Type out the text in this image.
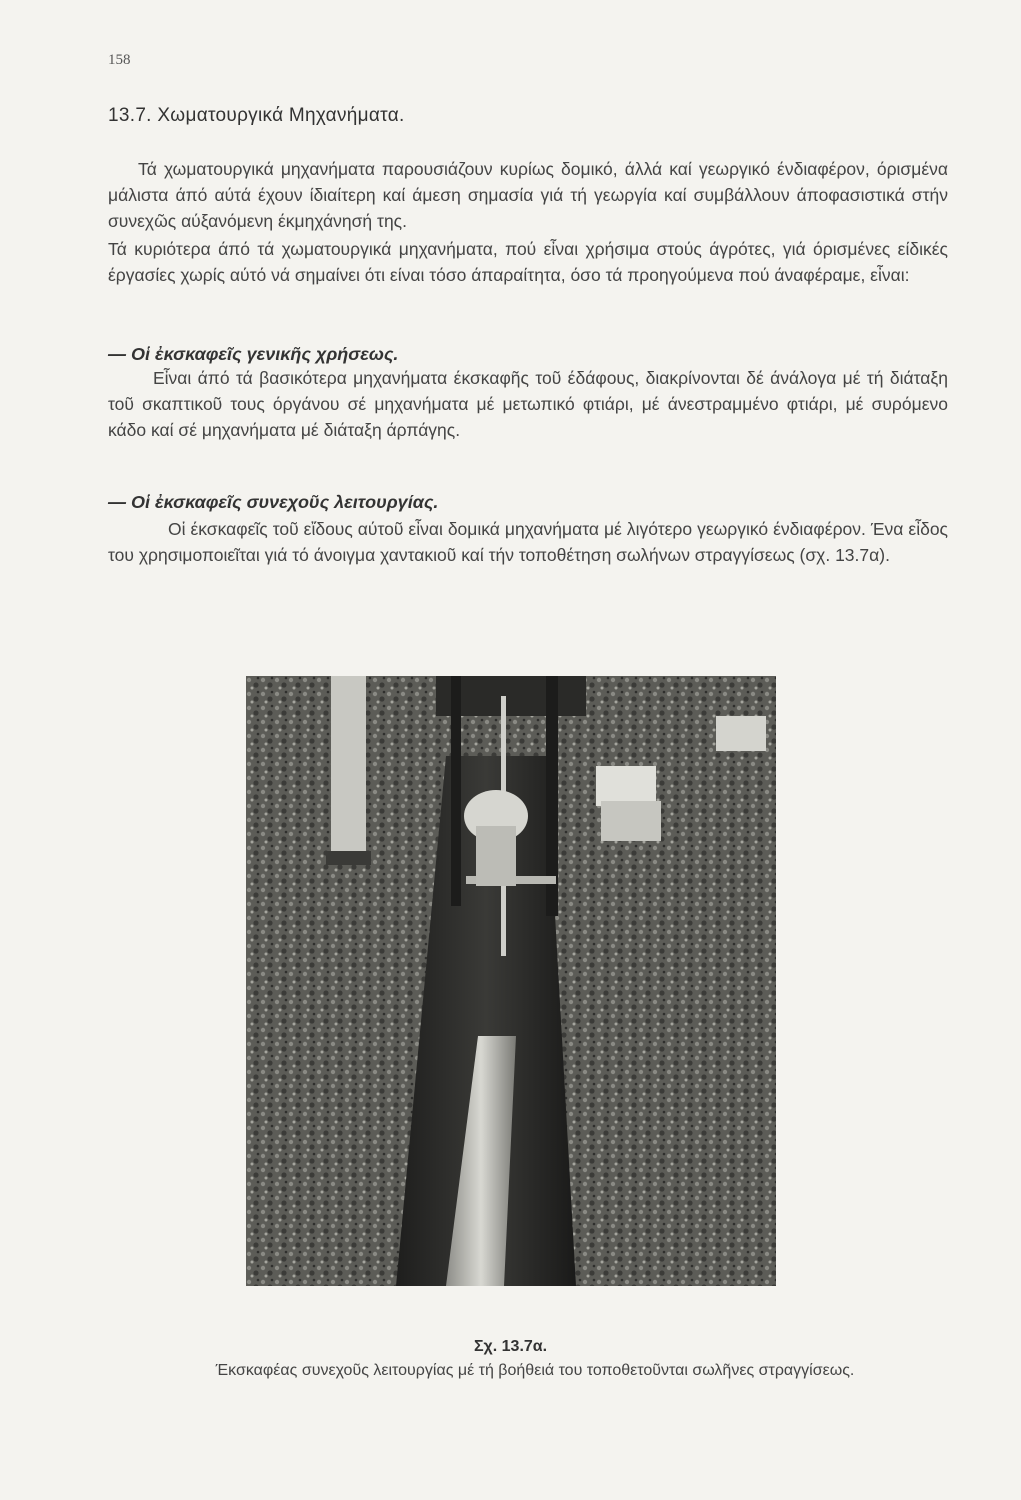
158
13.7. Χωματουργικά Μηχανήματα.

Τά χωματουργικά μηχανήματα παρουσιάζουν κυρίως δομικό, άλλά καί γεωργικό ένδιαφέρον, όρισμένα μάλιστα άπό αύτά έχουν ίδιαίτερη καί άμεση σημασία γιά τή γεωργία καί συμβάλλουν άποφασιστικά στήν συνεχῶς αύξανόμενη έκμηχάνησή της.

Τά κυριότερα άπό τά χωματουργικά μηχανήματα, πού εἶναι χρήσιμα στούς άγρότες, γιά όρισμένες είδικές έργασίες χωρίς αύτό νά σημαίνει ότι είναι τόσο άπαραίτητα, όσο τά προηγούμενα πού άναφέραμε, εἶναι:

— Οἱ ἐκσκαφεῖς γενικῆς χρήσεως.

Εἶναι άπό τά βασικότερα μηχανήματα έκσκαφῆς τοῦ έδάφους, διακρίνονται δέ άνάλογα μέ τή διάταξη τοῦ σκαπτικοῦ τους όργάνου σέ μηχανήματα μέ μετωπικό φτιάρι, μέ άνεστραμμένο φτιάρι, μέ συρόμενο κάδο καί σέ μηχανήματα μέ διάταξη άρπάγης.

— Οἱ ἐκσκαφεῖς συνεχοῦς λειτουργίας.

Οἱ έκσκαφεῖς τοῦ εἴδους αύτοῦ εἶναι δομικά μηχανήματα μέ λιγότερο γεωργικό ένδιαφέρον. Ένα εἶδος του χρησιμοποιεῖται γιά τό άνοιγμα χαντακιοῦ καί τήν τοποθέτηση σωλήνων στραγγίσεως (σχ. 13.7α).

Σχ. 13.7α.
Έκσκαφέας συνεχοῦς λειτουργίας μέ τή βοήθειά του τοποθετοῦνται σωλῆνες στραγγίσεως.
